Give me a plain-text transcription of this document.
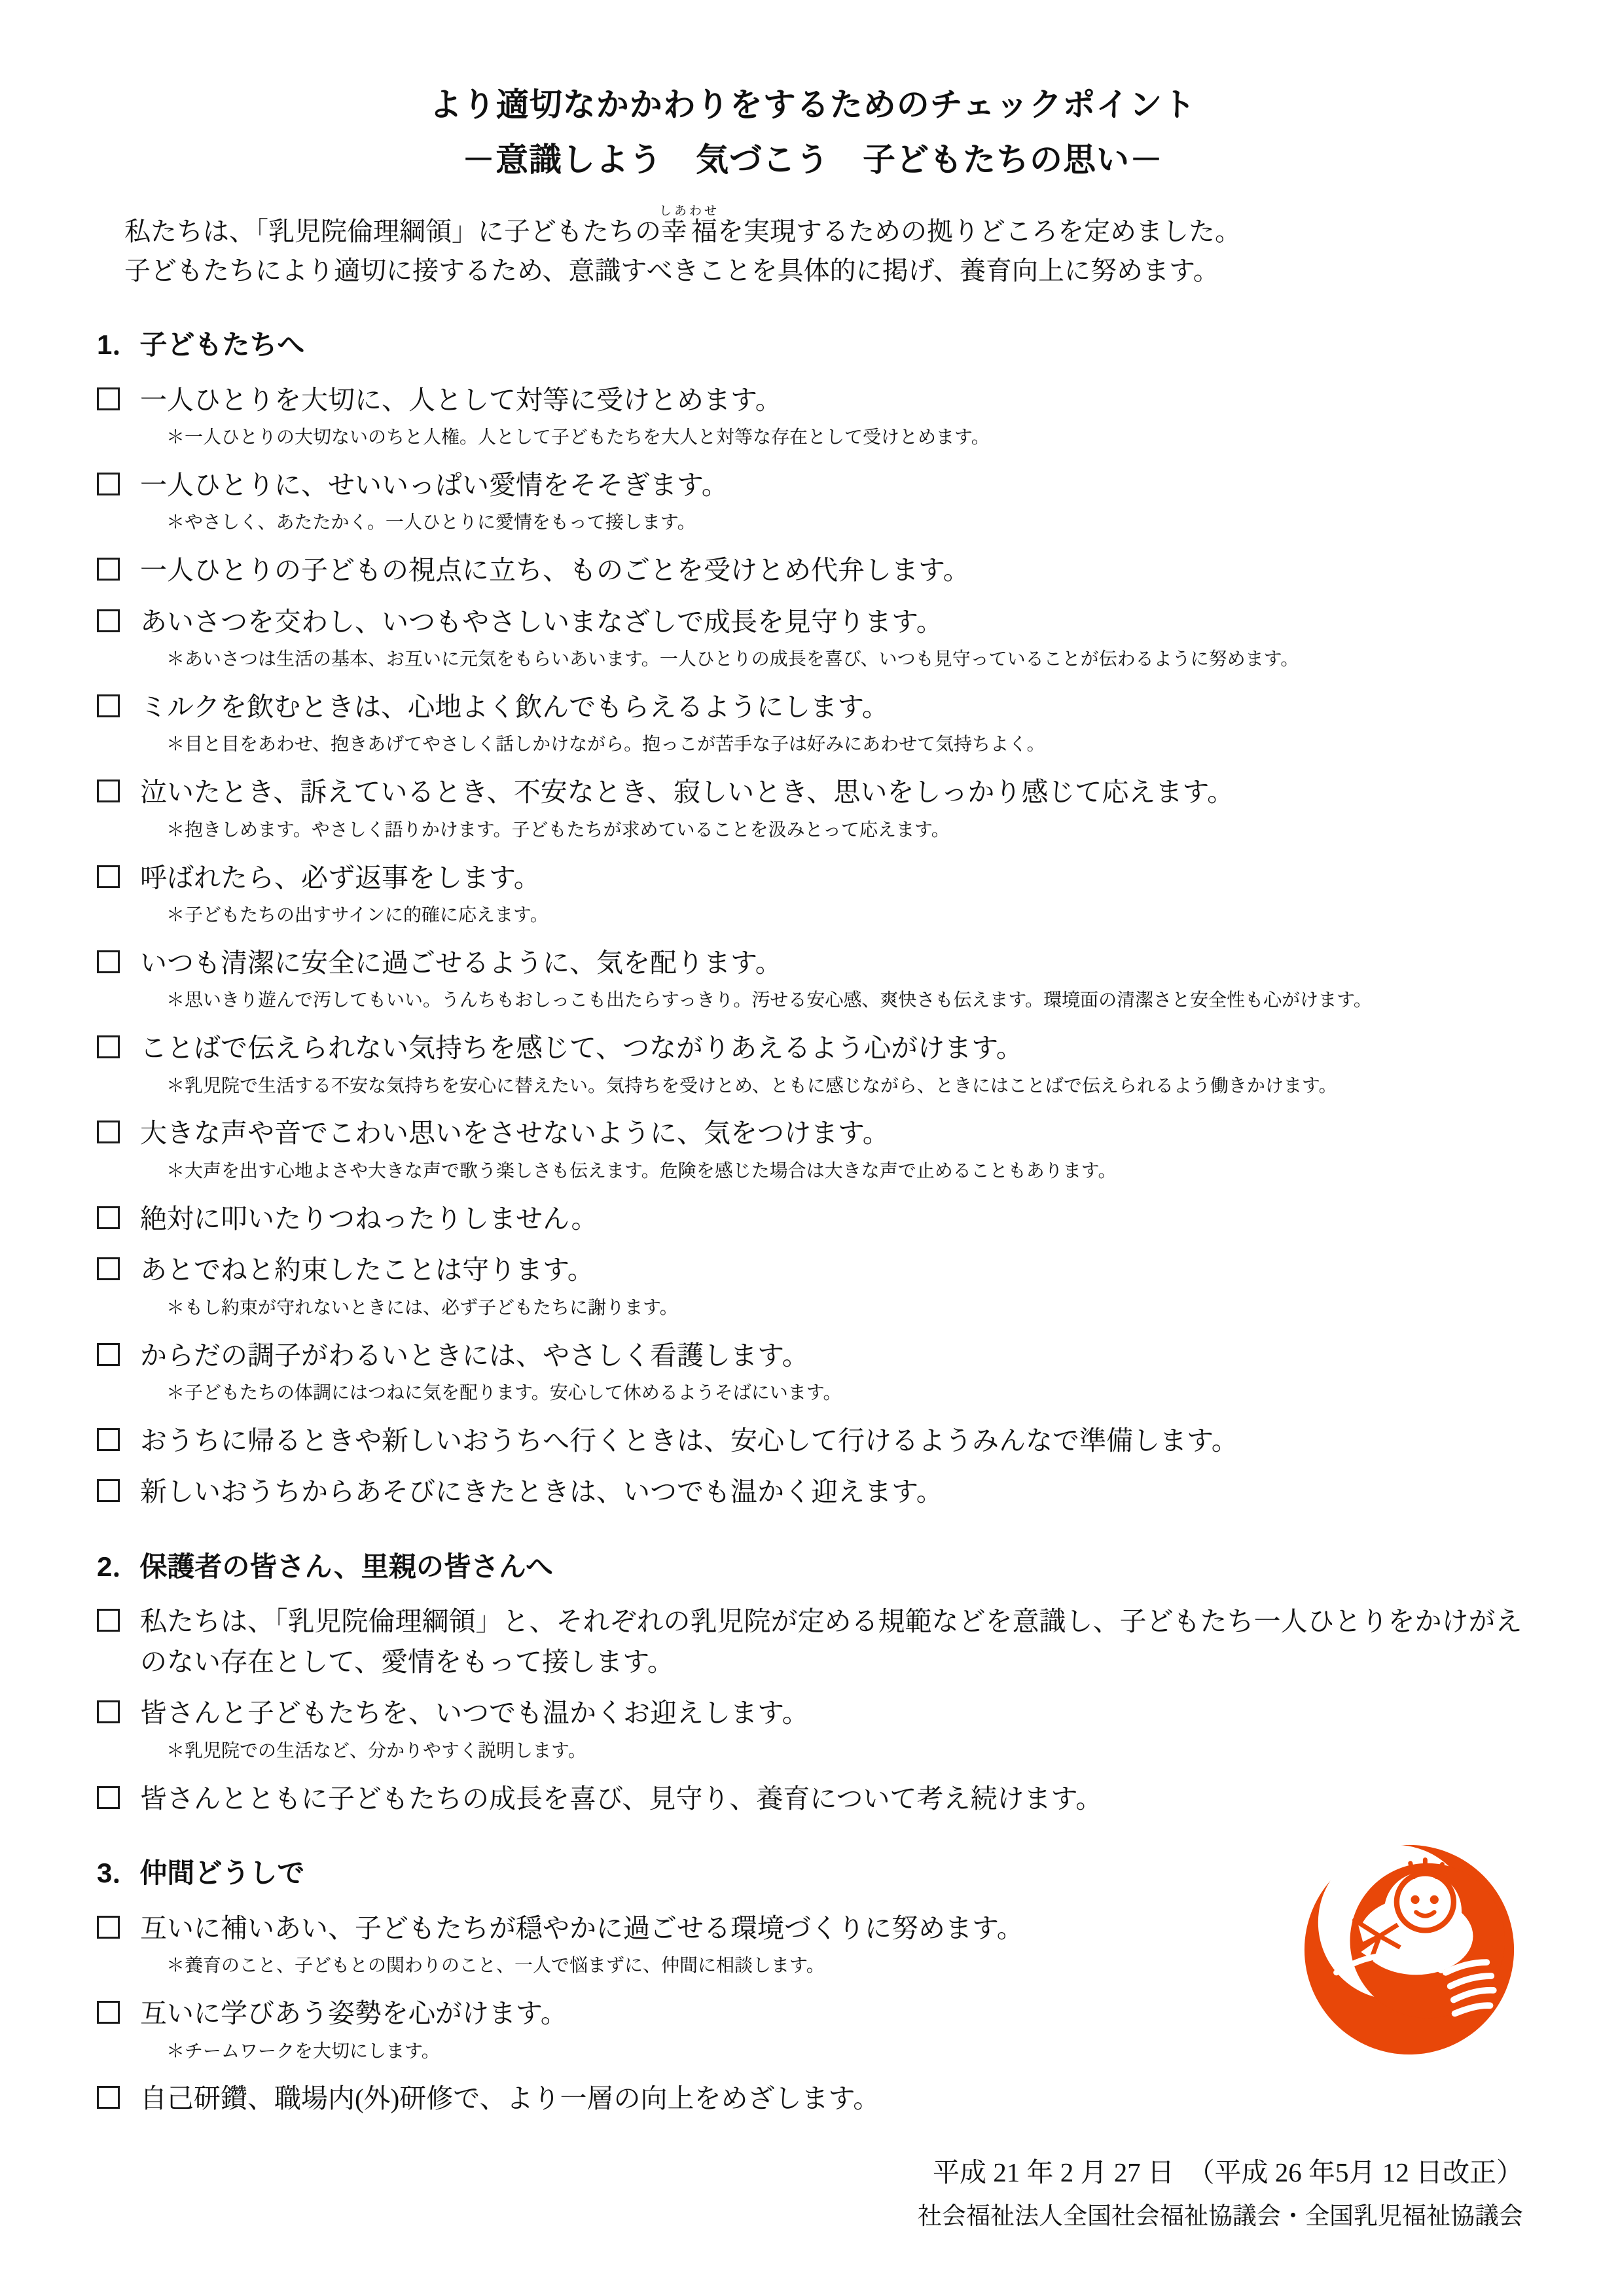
より適切なかかわりをするためのチェックポイント
－意識しよう　気づこう　子どもたちの思い－

私たちは、「乳児院倫理綱領」に子どもたちの幸福しあわせを実現するための拠りどころを定めました。
子どもたちにより適切に接するため、意識すべきことを具体的に掲げ、養育向上に努めます。

1．子どもたちへ
一人ひとりを大切に、人として対等に受けとめます。
＊一人ひとりの大切ないのちと人権。人として子どもたちを大人と対等な存在として受けとめます。
一人ひとりに、せいいっぱい愛情をそそぎます。
＊やさしく、あたたかく。一人ひとりに愛情をもって接します。
一人ひとりの子どもの視点に立ち、ものごとを受けとめ代弁します。
あいさつを交わし、いつもやさしいまなざしで成長を見守ります。
＊あいさつは生活の基本、お互いに元気をもらいあいます。一人ひとりの成長を喜び、いつも見守っていることが伝わるように努めます。
ミルクを飲むときは、心地よく飲んでもらえるようにします。
＊目と目をあわせ、抱きあげてやさしく話しかけながら。抱っこが苦手な子は好みにあわせて気持ちよく。
泣いたとき、訴えているとき、不安なとき、寂しいとき、思いをしっかり感じて応えます。
＊抱きしめます。やさしく語りかけます。子どもたちが求めていることを汲みとって応えます。
呼ばれたら、必ず返事をします。
＊子どもたちの出すサインに的確に応えます。
いつも清潔に安全に過ごせるように、気を配ります。
＊思いきり遊んで汚してもいい。うんちもおしっこも出たらすっきり。汚せる安心感、爽快さも伝えます。環境面の清潔さと安全性も心がけます。
ことばで伝えられない気持ちを感じて、つながりあえるよう心がけます。
＊乳児院で生活する不安な気持ちを安心に替えたい。気持ちを受けとめ、ともに感じながら、ときにはことばで伝えられるよう働きかけます。
大きな声や音でこわい思いをさせないように、気をつけます。
＊大声を出す心地よさや大きな声で歌う楽しさも伝えます。危険を感じた場合は大きな声で止めることもあります。
絶対に叩いたりつねったりしません。
あとでねと約束したことは守ります。
＊もし約束が守れないときには、必ず子どもたちに謝ります。
からだの調子がわるいときには、やさしく看護します。
＊子どもたちの体調にはつねに気を配ります。安心して休めるようそばにいます。
おうちに帰るときや新しいおうちへ行くときは、安心して行けるようみんなで準備します。
新しいおうちからあそびにきたときは、いつでも温かく迎えます。
2．保護者の皆さん、里親の皆さんへ
私たちは、「乳児院倫理綱領」と、それぞれの乳児院が定める規範などを意識し、子どもたち一人ひとりをかけがえのない存在として、愛情をもって接します。
皆さんと子どもたちを、いつでも温かくお迎えします。
＊乳児院での生活など、分かりやすく説明します。
皆さんとともに子どもたちの成長を喜び、見守り、養育について考え続けます。
3．仲間どうしで
互いに補いあい、子どもたちが穏やかに過ごせる環境づくりに努めます。
＊養育のこと、子どもとの関わりのこと、一人で悩まずに、仲間に相談します。
互いに学びあう姿勢を心がけます。
＊チームワークを大切にします。
自己研鑽、職場内(外)研修で、より一層の向上をめざします。
平成 21 年 2 月 27 日　（平成 26 年5月 12 日改正）
社会福祉法人全国社会福祉協議会・全国乳児福祉協議会
